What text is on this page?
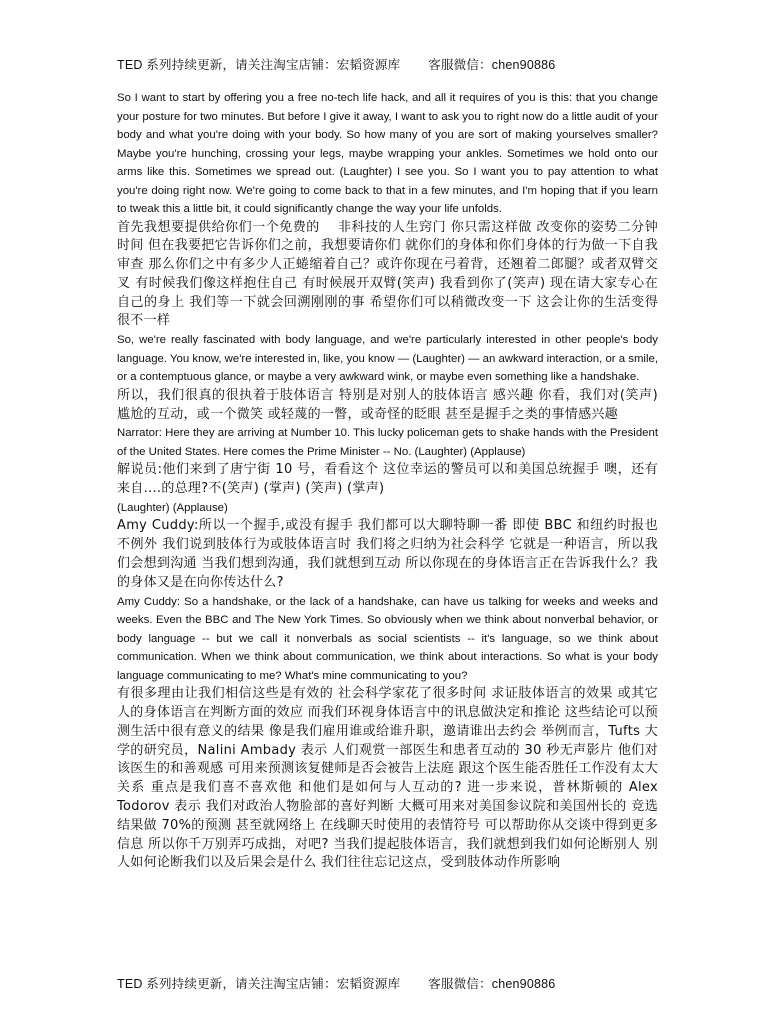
TED 系列持续更新，请关注淘宝店铺：宏韬资源库 客服微信：chen90886

So I want to start by offering you a free no-tech life hack, and all it requires of you is this: that you change your posture for two minutes. But before I give it away, I want to ask you to right now do a little audit of your body and what you're doing with your body. So how many of you are sort of making yourselves smaller? Maybe you're hunching, crossing your legs, maybe wrapping your ankles. Sometimes we hold onto our arms like this. Sometimes we spread out. (Laughter) I see you. So I want you to pay attention to what you're doing right now. We're going to come back to that in a few minutes, and I'm hoping that if you learn to tweak this a little bit, it could significantly change the way your life unfolds.

首先我想要提供给你们一个免费的　 非科技的人生窍门 你只需这样做 改变你的姿势二分钟时间 但在我要把它告诉你们之前，我想要请你们 就你们的身体和你们身体的行为做一下自我审查 那么你们之中有多少人正蜷缩着自己？或许你现在弓着背，还翘着二郎腿？或者双臂交叉 有时候我们像这样抱住自己 有时候展开双臂(笑声) 我看到你了(笑声) 现在请大家专心在自己的身上 我们等一下就会回溯刚刚的事 希望你们可以稍微改变一下 这会让你的生活变得很不一样

So, we're really fascinated with body language, and we're particularly interested in other people's body language. You know, we're interested in, like, you know — (Laughter) — an awkward interaction, or a smile, or a contemptuous glance, or maybe a very awkward wink, or maybe even something like a handshake.

所以，我们很真的很执着于肢体语言 特别是对别人的肢体语言 感兴趣 你看，我们对(笑声) 尴尬的互动，或一个微笑 或轻蔑的一瞥，或奇怪的眨眼 甚至是握手之类的事情感兴趣

Narrator: Here they are arriving at Number 10. This lucky policeman gets to shake hands with the President of the United States. Here comes the Prime Minister -- No. (Laughter) (Applause)

解说员:他们来到了唐宁街 10 号，看看这个 这位幸运的警员可以和美国总统握手 噢，还有来自....的总理?不(笑声) (掌声) (笑声) (掌声)

(Laughter) (Applause)

Amy Cuddy:所以一个握手,或没有握手 我们都可以大聊特聊一番 即使 BBC 和纽约时报也不例外 我们说到肢体行为或肢体语言时 我们将之归纳为社会科学 它就是一种语言，所以我们会想到沟通 当我们想到沟通，我们就想到互动 所以你现在的身体语言正在告诉我什么？我的身体又是在向你传达什么?

Amy Cuddy: So a handshake, or the lack of a handshake, can have us talking for weeks and weeks and weeks. Even the BBC and The New York Times. So obviously when we think about nonverbal behavior, or body language -- but we call it nonverbals as social scientists -- it's language, so we think about communication. When we think about communication, we think about interactions. So what is your body language communicating to me? What's mine communicating to you?

有很多理由让我们相信这些是有效的 社会科学家花了很多时间 求证肢体语言的效果 或其它人的身体语言在判断方面的效应 而我们环视身体语言中的讯息做決定和推论 这些结论可以预测生活中很有意义的结果 像是我们雇用谁或给谁升职，邀请谁出去约会 举例而言，Tufts 大学的研究员，Nalini Ambady 表示 人们观赏一部医生和患者互动的 30 秒无声影片 他们对该医生的和善观感 可用来预测该复健师是否会被告上法庭 跟这个医生能否胜任工作没有太大关系 重点是我们喜不喜欢他 和他们是如何与人互动的? 进一步来说，普林斯顿的 Alex Todorov 表示 我们对政治人物脸部的喜好判断 大概可用来对美国参议院和美国州长的 竞选结果做 70%的预测 甚至就网络上 在线聊天时使用的表情符号 可以帮助你从交谈中得到更多信息 所以你千万别弄巧成拙，对吧? 当我们提起肢体语言，我们就想到我们如何论断别人 别人如何论断我们以及后果会是什么 我们往往忘记这点，受到肢体动作所影响

TED 系列持续更新，请关注淘宝店铺：宏韬资源库 客服微信：chen90886
